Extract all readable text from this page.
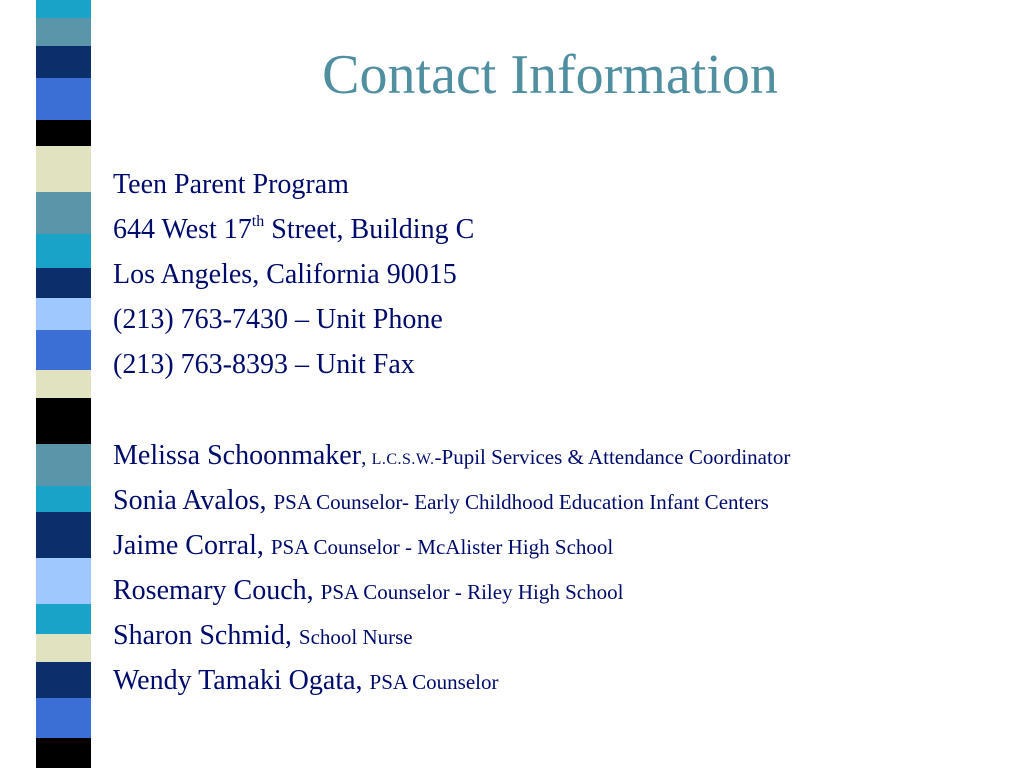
Contact Information
Teen Parent Program
644 West 17th Street, Building C
Los Angeles, California 90015
(213) 763-7430 – Unit Phone
(213) 763-8393 – Unit Fax
Melissa Schoonmaker, L.C.S.W.-Pupil Services & Attendance Coordinator
Sonia Avalos, PSA Counselor- Early Childhood Education Infant Centers
Jaime Corral, PSA Counselor - McAlister High School
Rosemary Couch, PSA Counselor - Riley High School
Sharon Schmid, School Nurse
Wendy Tamaki Ogata, PSA Counselor
